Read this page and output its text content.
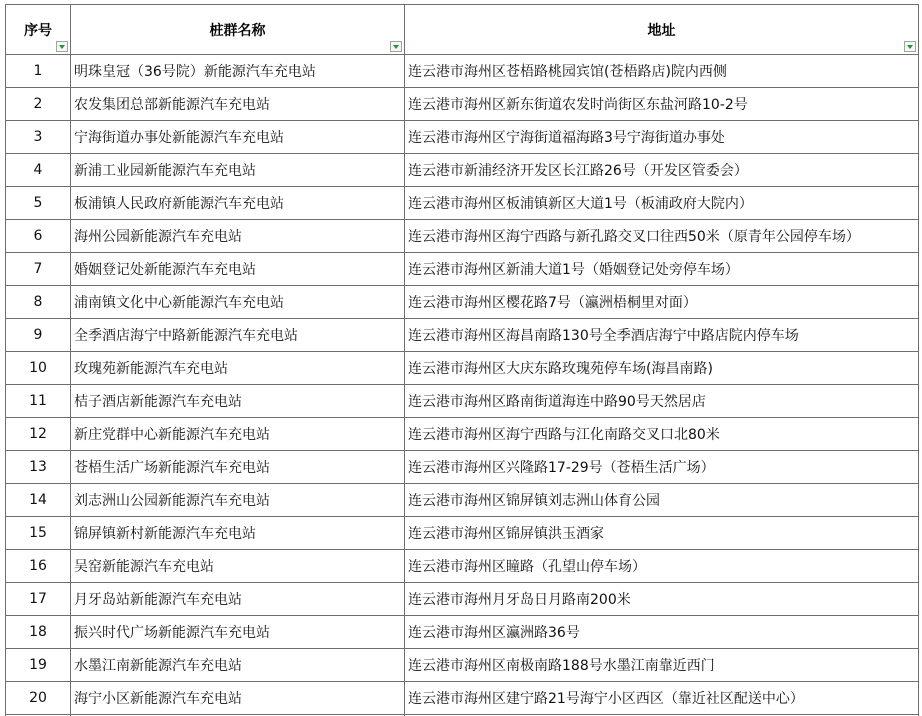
序号	桩群名称	地址

1	明珠皇冠（36号院）新能源汽车充电站	连云港市海州区苍梧路桃园宾馆(苍梧路店)院内西侧
2	农发集团总部新能源汽车充电站	连云港市海州区新东街道农发时尚街区东盐河路10-2号
3	宁海街道办事处新能源汽车充电站	连云港市海州区宁海街道福海路3号宁海街道办事处
4	新浦工业园新能源汽车充电站	连云港市新浦经济开发区长江路26号（开发区管委会）
5	板浦镇人民政府新能源汽车充电站	连云港市海州区板浦镇新区大道1号（板浦政府大院内）
6	海州公园新能源汽车充电站	连云港市海州区海宁西路与新孔路交叉口往西50米（原青年公园停车场）
7	婚姻登记处新能源汽车充电站	连云港市海州区新浦大道1号（婚姻登记处旁停车场）
8	浦南镇文化中心新能源汽车充电站	连云港市海州区樱花路7号（瀛洲梧桐里对面）
9	全季酒店海宁中路新能源汽车充电站	连云港市海州区海昌南路130号全季酒店海宁中路店院内停车场
10	玫瑰苑新能源汽车充电站	连云港市海州区大庆东路玫瑰苑停车场(海昌南路)
11	桔子酒店新能源汽车充电站	连云港市海州区路南街道海连中路90号天然居店
12	新庄党群中心新能源汽车充电站	连云港市海州区海宁西路与江化南路交叉口北80米
13	苍梧生活广场新能源汽车充电站	连云港市海州区兴隆路17-29号（苍梧生活广场）
14	刘志洲山公园新能源汽车充电站	连云港市海州区锦屏镇刘志洲山体育公园
15	锦屏镇新村新能源汽车充电站	连云港市海州区锦屏镇洪玉酒家
16	吴窑新能源汽车充电站	连云港市海州区瞳路（孔望山停车场）
17	月牙岛站新能源汽车充电站	连云港市海州月牙岛日月路南200米
18	振兴时代广场新能源汽车充电站	连云港市海州区瀛洲路36号
19	水墨江南新能源汽车充电站	连云港市海州区南极南路188号水墨江南靠近西门
20	海宁小区新能源汽车充电站	连云港市海州区建宁路21号海宁小区西区（靠近社区配送中心）
